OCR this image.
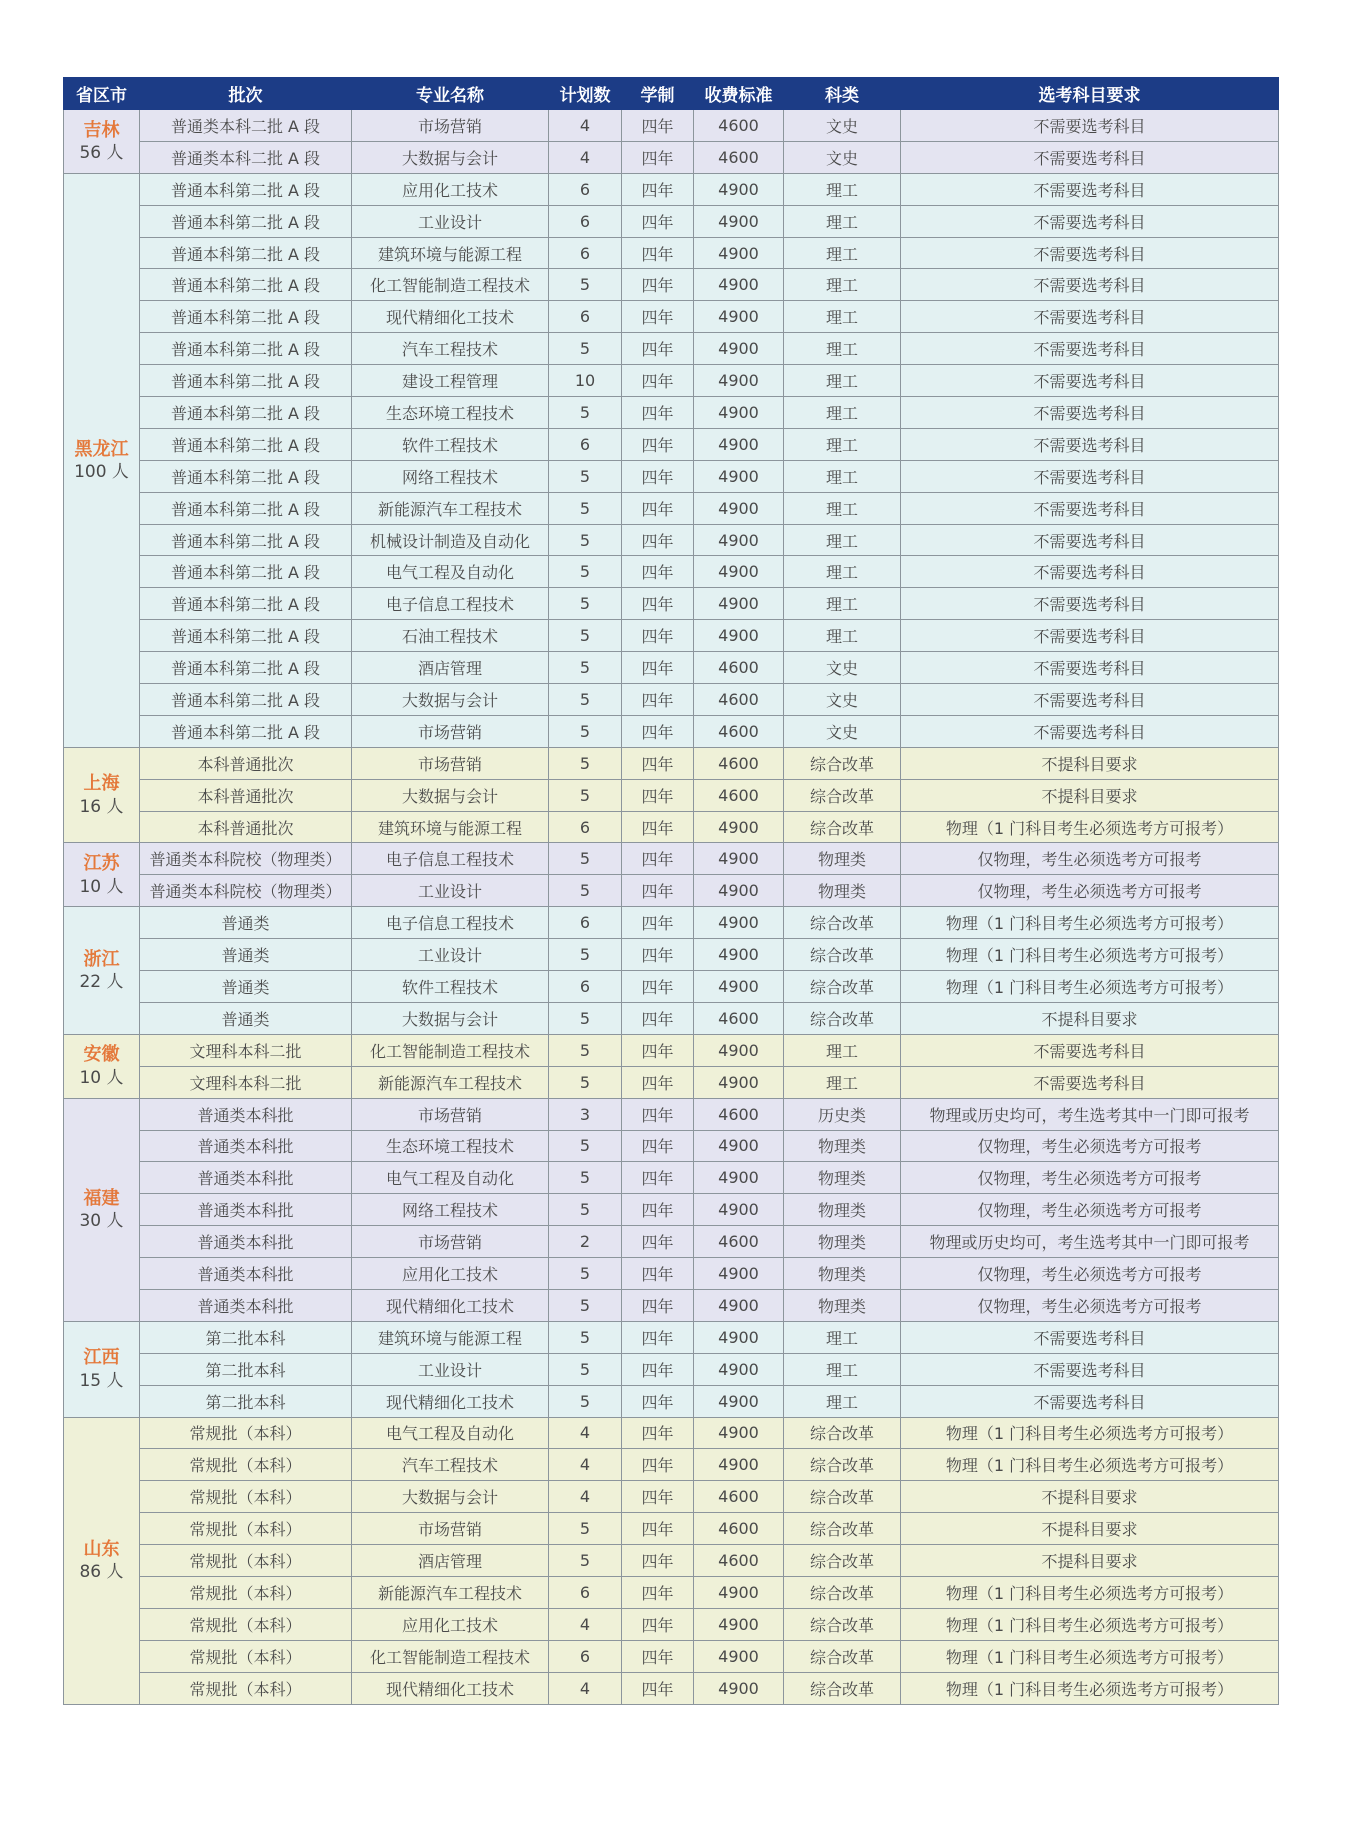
省区市	批次	专业名称	计划数	学制	收费标准	科类	选考科目要求

吉林
56 人	普通类本科二批 A 段	市场营销	4	四年	4600	文史	不需要选考科目
	普通类本科二批 A 段	大数据与会计	4	四年	4600	文史	不需要选考科目

黑龙江
100 人	普通本科第二批 A 段	应用化工技术	6	四年	4900	理工	不需要选考科目
	普通本科第二批 A 段	工业设计	6	四年	4900	理工	不需要选考科目
	普通本科第二批 A 段	建筑环境与能源工程	6	四年	4900	理工	不需要选考科目
	普通本科第二批 A 段	化工智能制造工程技术	5	四年	4900	理工	不需要选考科目
	普通本科第二批 A 段	现代精细化工技术	6	四年	4900	理工	不需要选考科目
	普通本科第二批 A 段	汽车工程技术	5	四年	4900	理工	不需要选考科目
	普通本科第二批 A 段	建设工程管理	10	四年	4900	理工	不需要选考科目
	普通本科第二批 A 段	生态环境工程技术	5	四年	4900	理工	不需要选考科目
	普通本科第二批 A 段	软件工程技术	6	四年	4900	理工	不需要选考科目
	普通本科第二批 A 段	网络工程技术	5	四年	4900	理工	不需要选考科目
	普通本科第二批 A 段	新能源汽车工程技术	5	四年	4900	理工	不需要选考科目
	普通本科第二批 A 段	机械设计制造及自动化	5	四年	4900	理工	不需要选考科目
	普通本科第二批 A 段	电气工程及自动化	5	四年	4900	理工	不需要选考科目
	普通本科第二批 A 段	电子信息工程技术	5	四年	4900	理工	不需要选考科目
	普通本科第二批 A 段	石油工程技术	5	四年	4900	理工	不需要选考科目
	普通本科第二批 A 段	酒店管理	5	四年	4600	文史	不需要选考科目
	普通本科第二批 A 段	大数据与会计	5	四年	4600	文史	不需要选考科目
	普通本科第二批 A 段	市场营销	5	四年	4600	文史	不需要选考科目

上海
16 人	本科普通批次	市场营销	5	四年	4600	综合改革	不提科目要求
	本科普通批次	大数据与会计	5	四年	4600	综合改革	不提科目要求
	本科普通批次	建筑环境与能源工程	6	四年	4900	综合改革	物理（1 门科目考生必须选考方可报考）

江苏
10 人	普通类本科院校（物理类）	电子信息工程技术	5	四年	4900	物理类	仅物理，考生必须选考方可报考
	普通类本科院校（物理类）	工业设计	5	四年	4900	物理类	仅物理，考生必须选考方可报考

浙江
22 人	普通类	电子信息工程技术	6	四年	4900	综合改革	物理（1 门科目考生必须选考方可报考）
	普通类	工业设计	5	四年	4900	综合改革	物理（1 门科目考生必须选考方可报考）
	普通类	软件工程技术	6	四年	4900	综合改革	物理（1 门科目考生必须选考方可报考）
	普通类	大数据与会计	5	四年	4600	综合改革	不提科目要求

安徽
10 人	文理科本科二批	化工智能制造工程技术	5	四年	4900	理工	不需要选考科目
	文理科本科二批	新能源汽车工程技术	5	四年	4900	理工	不需要选考科目

福建
30 人	普通类本科批	市场营销	3	四年	4600	历史类	物理或历史均可，考生选考其中一门即可报考
	普通类本科批	生态环境工程技术	5	四年	4900	物理类	仅物理，考生必须选考方可报考
	普通类本科批	电气工程及自动化	5	四年	4900	物理类	仅物理，考生必须选考方可报考
	普通类本科批	网络工程技术	5	四年	4900	物理类	仅物理，考生必须选考方可报考
	普通类本科批	市场营销	2	四年	4600	物理类	物理或历史均可，考生选考其中一门即可报考
	普通类本科批	应用化工技术	5	四年	4900	物理类	仅物理，考生必须选考方可报考
	普通类本科批	现代精细化工技术	5	四年	4900	物理类	仅物理，考生必须选考方可报考

江西
15 人	第二批本科	建筑环境与能源工程	5	四年	4900	理工	不需要选考科目
	第二批本科	工业设计	5	四年	4900	理工	不需要选考科目
	第二批本科	现代精细化工技术	5	四年	4900	理工	不需要选考科目

山东
86 人	常规批（本科）	电气工程及自动化	4	四年	4900	综合改革	物理（1 门科目考生必须选考方可报考）
	常规批（本科）	汽车工程技术	4	四年	4900	综合改革	物理（1 门科目考生必须选考方可报考）
	常规批（本科）	大数据与会计	4	四年	4600	综合改革	不提科目要求
	常规批（本科）	市场营销	5	四年	4600	综合改革	不提科目要求
	常规批（本科）	酒店管理	5	四年	4600	综合改革	不提科目要求
	常规批（本科）	新能源汽车工程技术	6	四年	4900	综合改革	物理（1 门科目考生必须选考方可报考）
	常规批（本科）	应用化工技术	4	四年	4900	综合改革	物理（1 门科目考生必须选考方可报考）
	常规批（本科）	化工智能制造工程技术	6	四年	4900	综合改革	物理（1 门科目考生必须选考方可报考）
	常规批（本科）	现代精细化工技术	4	四年	4900	综合改革	物理（1 门科目考生必须选考方可报考）
